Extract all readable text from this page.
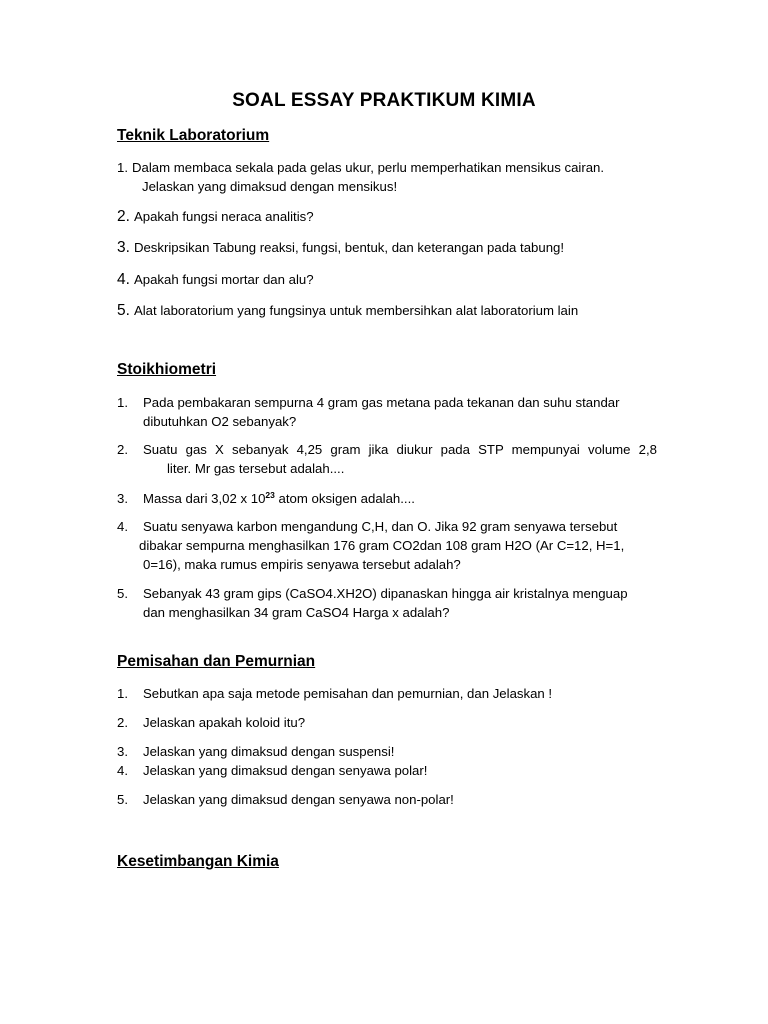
SOAL ESSAY PRAKTIKUM KIMIA
Teknik Laboratorium
1. Dalam membaca sekala pada gelas ukur, perlu memperhatikan mensikus cairan.
Jelaskan yang dimaksud dengan mensikus!
2. Apakah fungsi neraca analitis?
3. Deskripsikan Tabung reaksi, fungsi, bentuk, dan keterangan pada tabung!
4. Apakah fungsi mortar dan alu?
5. Alat laboratorium yang fungsinya untuk membersihkan alat laboratorium lain
Stoikhiometri
1. Pada pembakaran sempurna 4 gram gas metana pada tekanan dan suhu standar
dibutuhkan O2 sebanyak?
2. Suatu gas X sebanyak 4,25 gram jika diukur pada STP mempunyai volume 2,8
liter. Mr gas tersebut adalah....
3. Massa dari 3,02 x $10^{23}$ atom oksigen adalah....
4. Suatu senyawa karbon mengandung C,H, dan O. Jika 92 gram senyawa tersebut
dibakar sempurna menghasilkan 176 gram CO2dan 108 gram H2O (Ar C=12, H=1,
0=16), maka rumus empiris senyawa tersebut adalah?
5. Sebanyak 43 gram gips (CaSO4.XH2O) dipanaskan hingga air kristalnya menguap
dan menghasilkan 34 gram CaSO4 Harga x adalah?
Pemisahan dan Pemurnian
1. Sebutkan apa saja metode pemisahan dan pemurnian, dan Jelaskan !
2. Jelaskan apakah koloid itu?
3. Jelaskan yang dimaksud dengan suspensi!
4. Jelaskan yang dimaksud dengan senyawa polar!
5. Jelaskan yang dimaksud dengan senyawa non-polar!
Kesetimbangan Kimia
